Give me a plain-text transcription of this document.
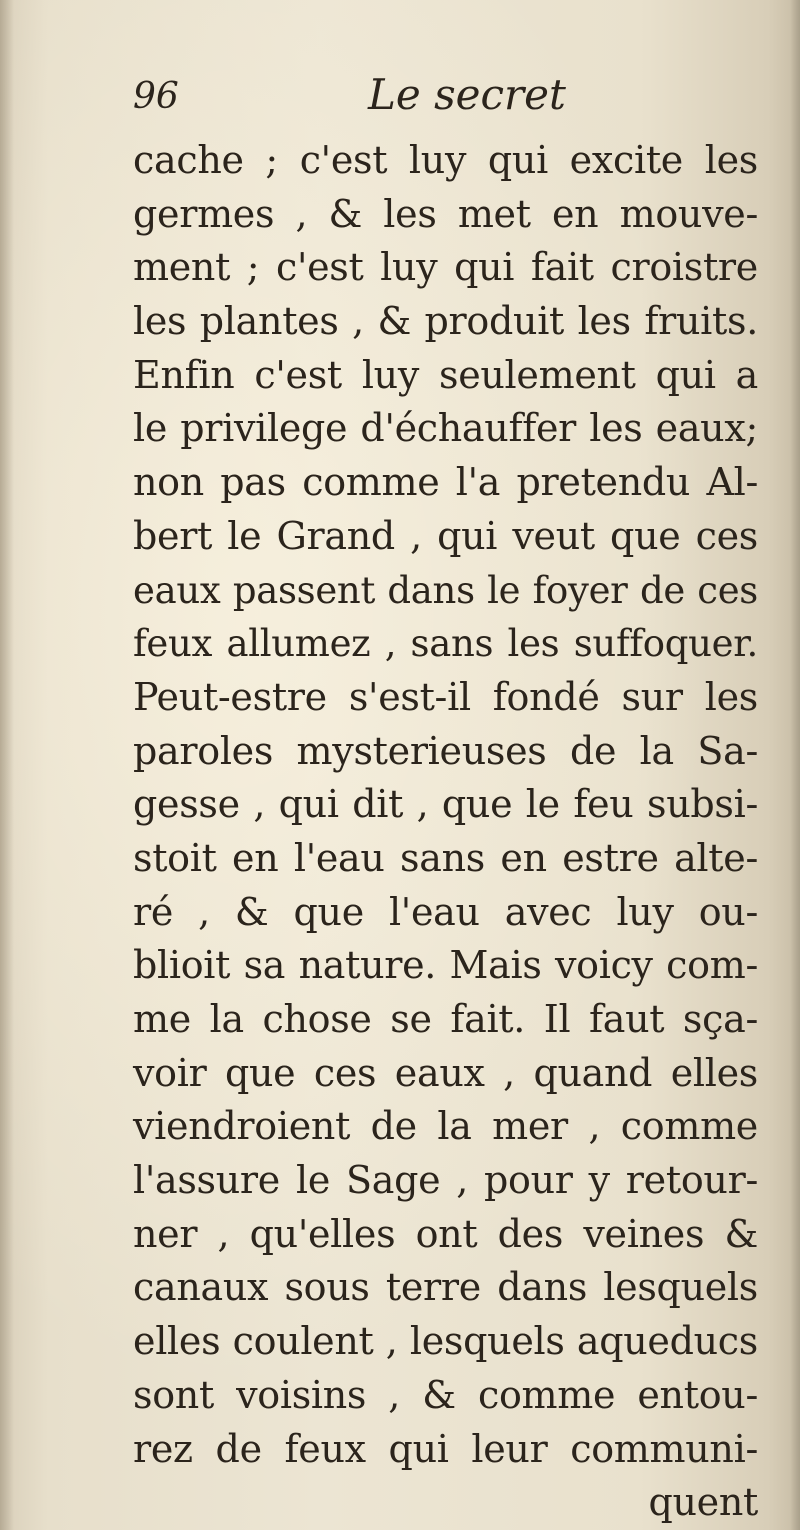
96	Le secret
cache ; c'est luy qui excite les
germes , & les met en mouve-
ment ; c'est luy qui fait croistre
les plantes , & produit les fruits.
Enfin c'est luy seulement qui a
le privilege d'échauffer les eaux;
non pas comme l'a pretendu Al-
bert le Grand , qui veut que ces
eaux passent dans le foyer de ces
feux allumez , sans les suffoquer.
Peut-estre s'est-il fondé sur les
paroles mysterieuses de la Sa-
gesse , qui dit , que le feu subsi-
stoit en l'eau sans en estre alte-
ré , & que l'eau avec luy ou-
blioit sa nature. Mais voicy com-
me la chose se fait. Il faut sça-
voir que ces eaux , quand elles
viendroient de la mer , comme
l'assure le Sage , pour y retour-
ner , qu'elles ont des veines &
canaux sous terre dans lesquels
elles coulent , lesquels aqueducs
sont voisins , & comme entou-
rez de feux qui leur communi-
quent
